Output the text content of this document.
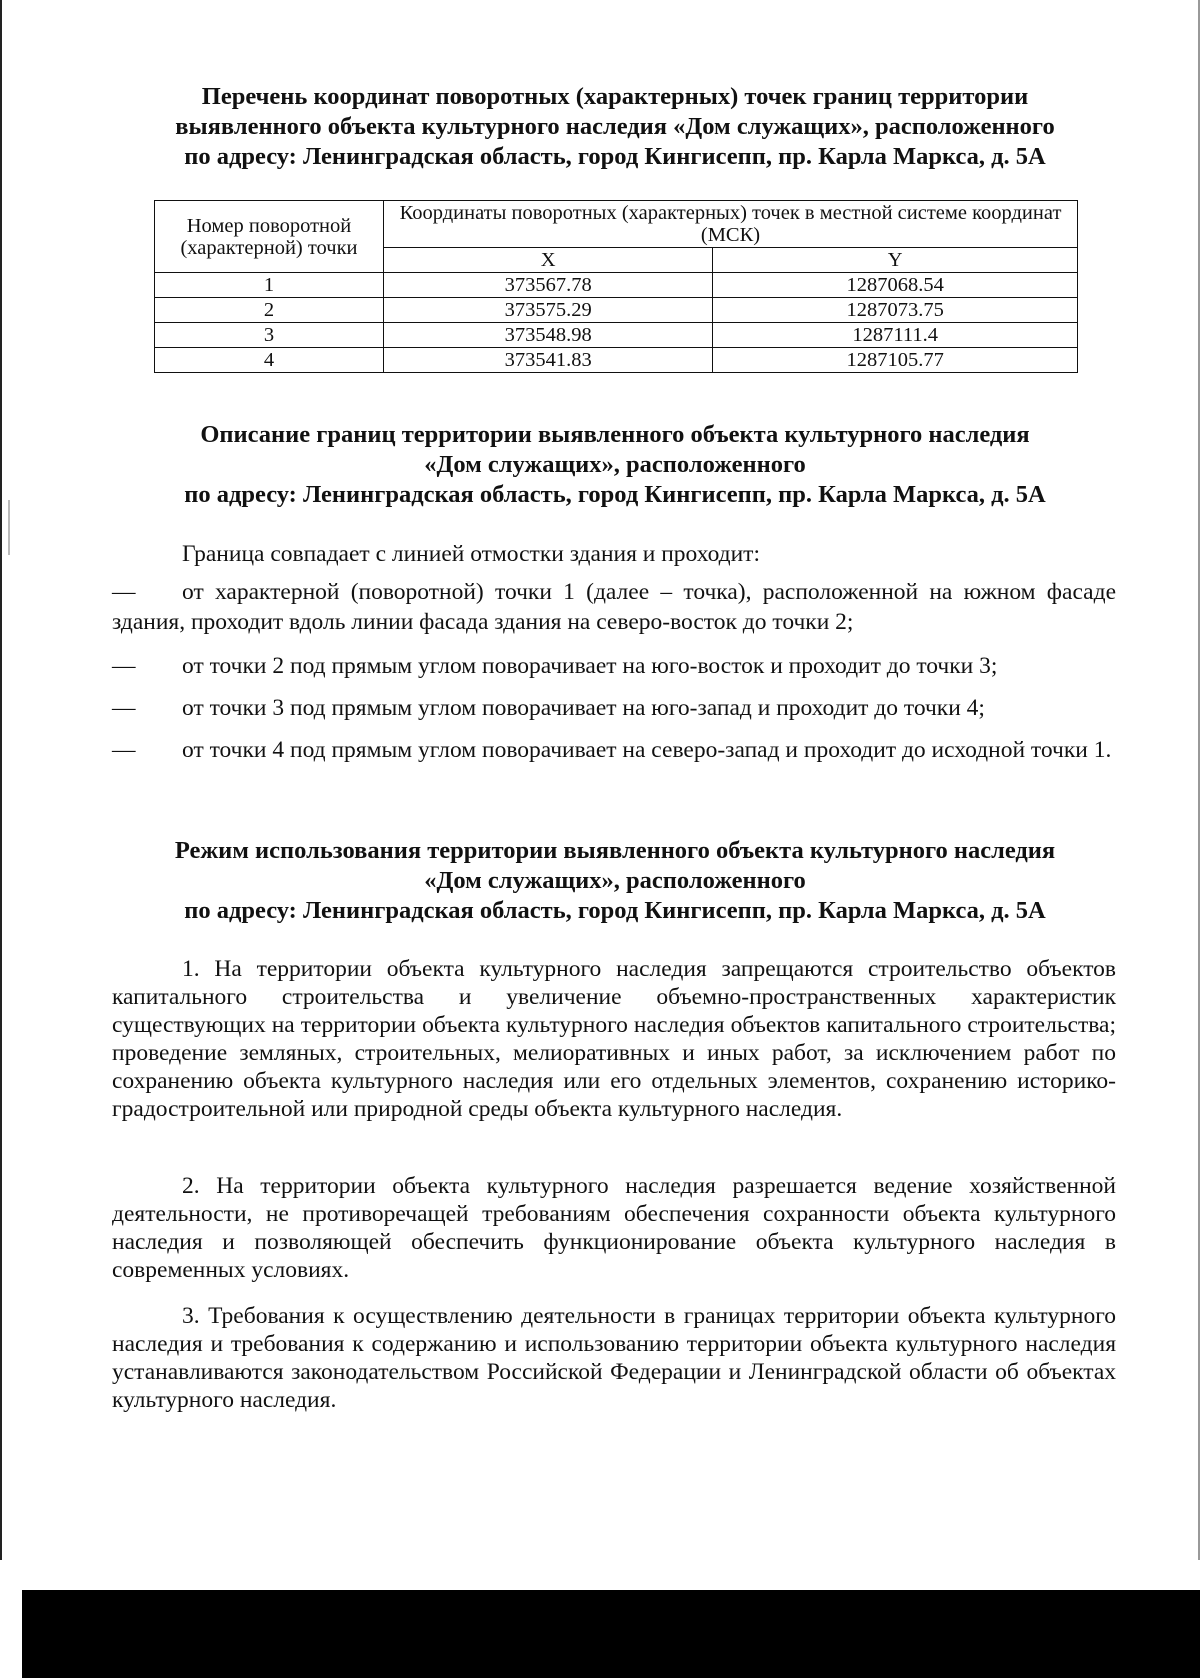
Перечень координат поворотных (характерных) точек границ территории
выявленного объекта культурного наследия «Дом служащих», расположенного
по адресу: Ленинградская область, город Кингисепп, пр. Карла Маркса, д. 5А
Номер поворотной (характерной) точки	Координаты поворотных (характерных) точек в местной системе координат (МСК)	
	X	Y
1	373567.78	1287068.54
2	373575.29	1287073.75
3	373548.98	1287111.4
4	373541.83	1287105.77
Описание границ территории выявленного объекта культурного наследия
«Дом служащих», расположенного
по адресу: Ленинградская область, город Кингисепп, пр. Карла Маркса, д. 5А
Граница совпадает с линией отмостки здания и проходит:
— от характерной (поворотной) точки 1 (далее – точка), расположенной на южном фасаде здания, проходит вдоль линии фасада здания на северо-восток до точки 2;
— от точки 2 под прямым углом поворачивает на юго-восток и проходит до точки 3;
— от точки 3 под прямым углом поворачивает на юго-запад и проходит до точки 4;
— от точки 4 под прямым углом поворачивает на северо-запад и проходит до исходной точки 1.
Режим использования территории выявленного объекта культурного наследия
«Дом служащих», расположенного
по адресу: Ленинградская область, город Кингисепп, пр. Карла Маркса, д. 5А
1. На территории объекта культурного наследия запрещаются строительство объектов капитального строительства и увеличение объемно-пространственных характеристик существующих на территории объекта культурного наследия объектов капитального строительства; проведение земляных, строительных, мелиоративных и иных работ, за исключением работ по сохранению объекта культурного наследия или его отдельных элементов, сохранению историко-градостроительной или природной среды объекта культурного наследия.
2. На территории объекта культурного наследия разрешается ведение хозяйственной деятельности, не противоречащей требованиям обеспечения сохранности объекта культурного наследия и позволяющей обеспечить функционирование объекта культурного наследия в современных условиях.
3. Требования к осуществлению деятельности в границах территории объекта культурного наследия и требования к содержанию и использованию территории объекта культурного наследия устанавливаются законодательством Российской Федерации и Ленинградской области об объектах культурного наследия.
